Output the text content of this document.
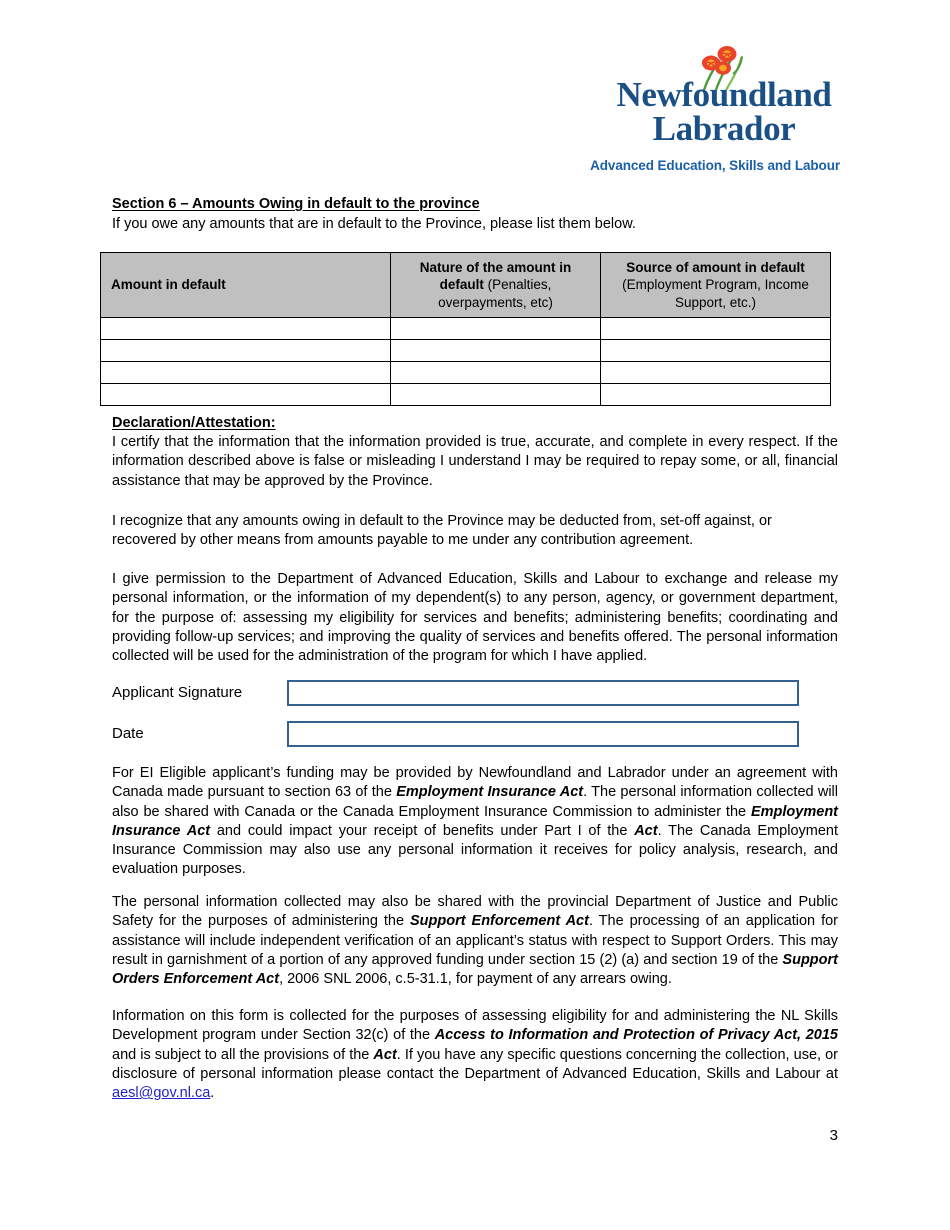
Newfoundland
Labrador
Advanced Education, Skills and Labour
Section 6 – Amounts Owing in default to the province
If you owe any amounts that are in default to the Province, please list them below.
Amount in default	Nature of the amount in default (Penalties, overpayments, etc)	Source of amount in default
(Employment Program, Income Support, etc.)

Declaration/Attestation:
I certify that the information that the information provided is true, accurate, and complete in every respect. If the information described above is false or misleading I understand I may be required to repay some, or all, financial assistance that may be approved by the Province.
I recognize that any amounts owing in default to the Province may be deducted from, set-off against, or recovered by other means from amounts payable to me under any contribution agreement.
I give permission to the Department of Advanced Education, Skills and Labour to exchange and release my personal information, or the information of my dependent(s) to any person, agency, or government department, for the purpose of: assessing my eligibility for services and benefits; administering benefits; coordinating and providing follow-up services; and improving the quality of services and benefits offered. The personal information collected will be used for the administration of the program for which I have applied.
Applicant Signature
Date
For EI Eligible applicant’s funding may be provided by Newfoundland and Labrador under an agreement with Canada made pursuant to section 63 of the Employment Insurance Act. The personal information collected will also be shared with Canada or the Canada Employment Insurance Commission to administer the Employment Insurance Act and could impact your receipt of benefits under Part I of the Act. The Canada Employment Insurance Commission may also use any personal information it receives for policy analysis, research, and evaluation purposes.
The personal information collected may also be shared with the provincial Department of Justice and Public Safety for the purposes of administering the Support Enforcement Act. The processing of an application for assistance will include independent verification of an applicant’s status with respect to Support Orders. This may result in garnishment of a portion of any approved funding under section 15 (2) (a) and section 19 of the Support Orders Enforcement Act, 2006 SNL 2006, c.5-31.1, for payment of any arrears owing.
Information on this form is collected for the purposes of assessing eligibility for and administering the NL Skills Development program under Section 32(c) of the Access to Information and Protection of Privacy Act, 2015 and is subject to all the provisions of the Act. If you have any specific questions concerning the collection, use, or disclosure of personal information please contact the Department of Advanced Education, Skills and Labour at aesl@gov.nl.ca.
3
